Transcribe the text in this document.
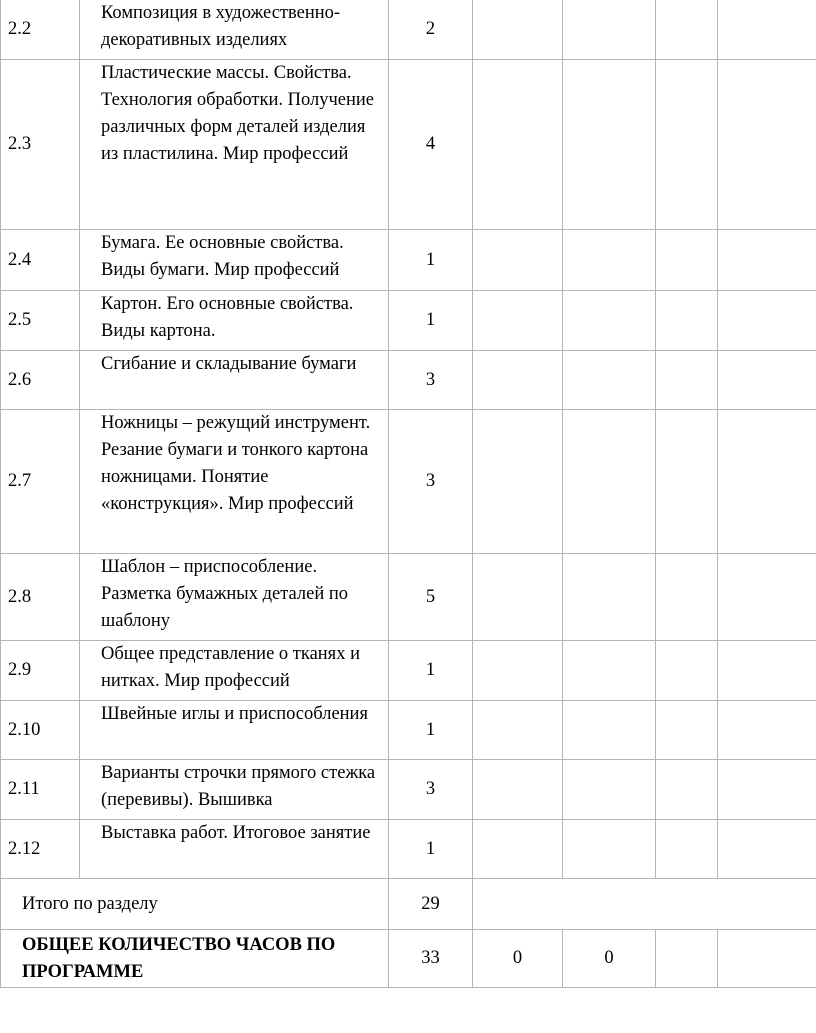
2.2	Композиция в художественно-декоративных изделиях	2				
2.3	Пластические массы. Свойства. Технология обработки. Получение различных форм деталей изделия из пластилина. Мир профессий	4				
2.4	Бумага. Ее основные свойства. Виды бумаги. Мир профессий	1				
2.5	Картон. Его основные свойства. Виды картона.	1				
2.6	Сгибание и складывание бумаги	3				
2.7	Ножницы – режущий инструмент. Резание бумаги и тонкого картона ножницами. Понятие «конструкция». Мир профессий	3				
2.8	Шаблон – приспособление. Разметка бумажных деталей по шаблону	5				
2.9	Общее представление о тканях и нитках. Мир профессий	1				
2.10	Швейные иглы и приспособления	1				
2.11	Варианты строчки прямого стежка (перевивы). Вышивка	3				
2.12	Выставка работ. Итоговое занятие	1				
Итого по разделу		29				
ОБЩЕЕ КОЛИЧЕСТВО ЧАСОВ ПО ПРОГРАММЕ		33	0	0		
